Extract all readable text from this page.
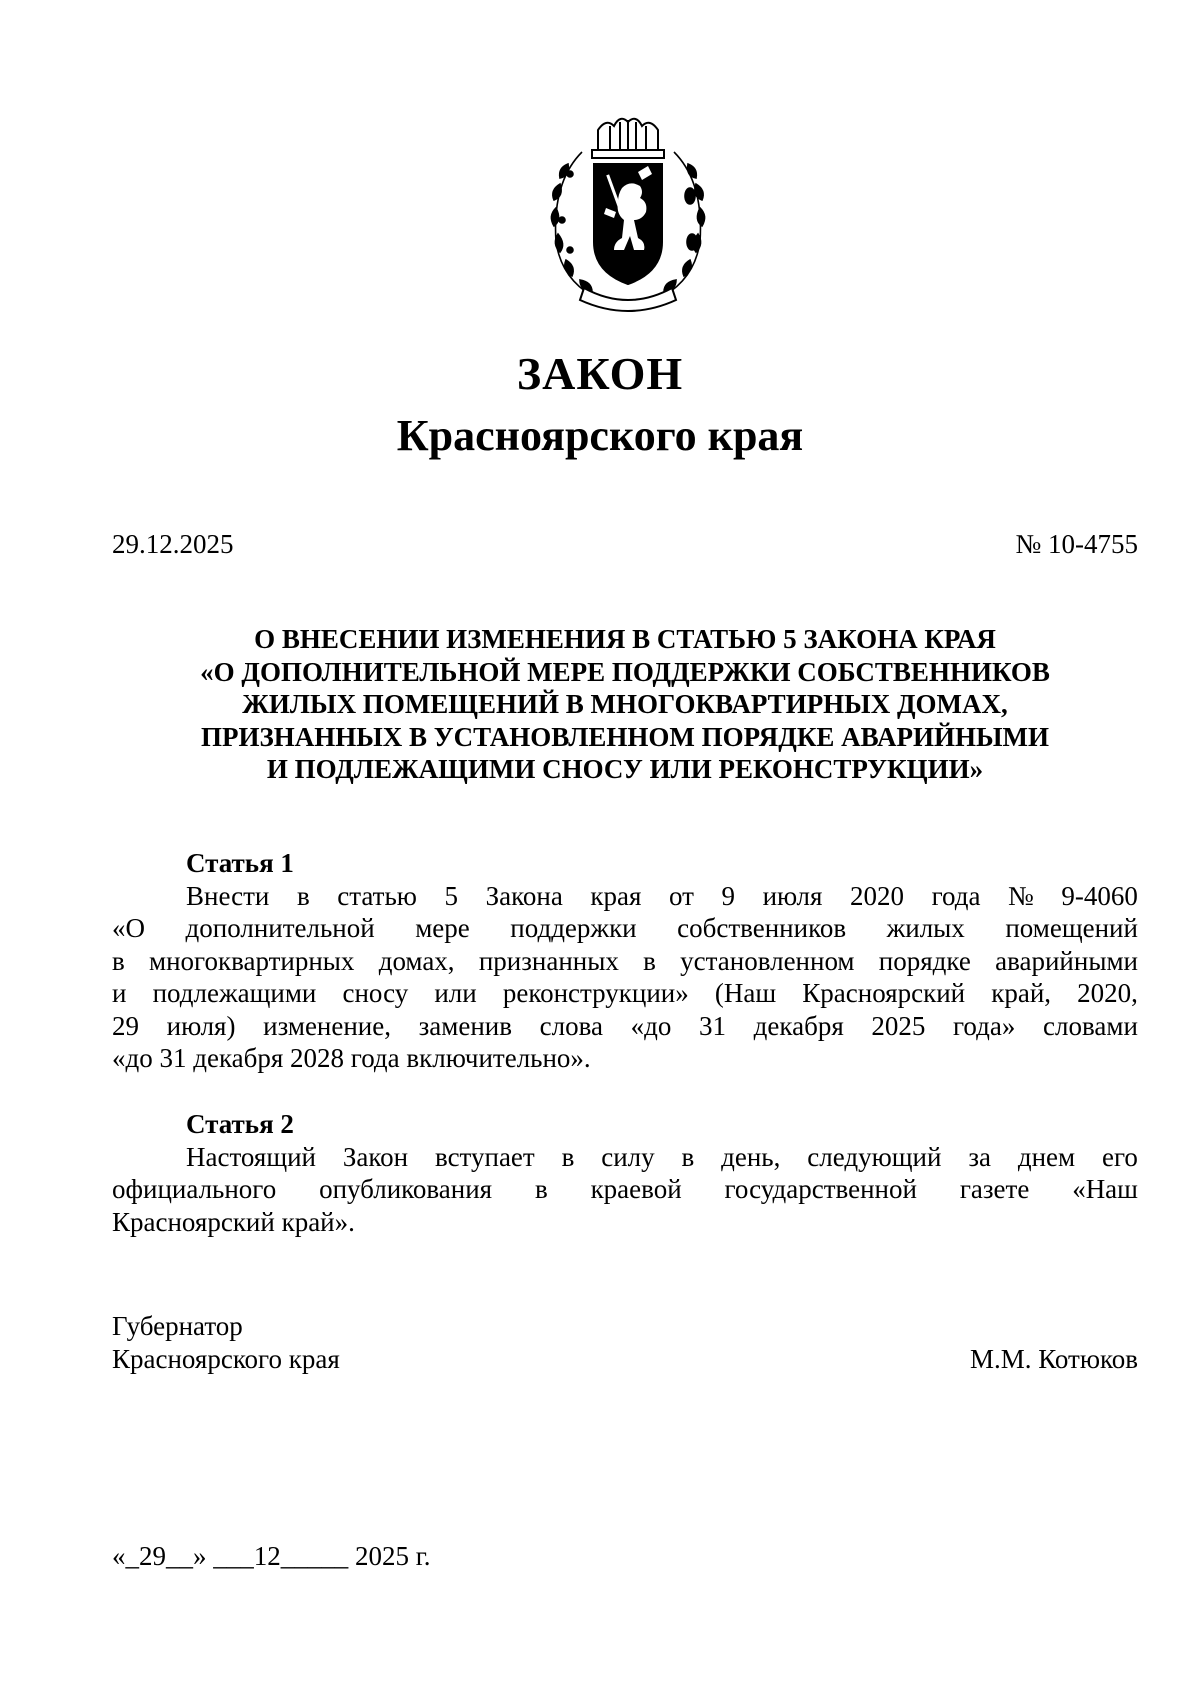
ЗАКОН
Красноярского края
29.12.2025	№ 10-4755
О ВНЕСЕНИИ ИЗМЕНЕНИЯ В СТАТЬЮ 5 ЗАКОНА КРАЯ
«О ДОПОЛНИТЕЛЬНОЙ МЕРЕ ПОДДЕРЖКИ СОБСТВЕННИКОВ
ЖИЛЫХ ПОМЕЩЕНИЙ В МНОГОКВАРТИРНЫХ ДОМАХ,
ПРИЗНАННЫХ В УСТАНОВЛЕННОМ ПОРЯДКЕ АВАРИЙНЫМИ
И ПОДЛЕЖАЩИМИ СНОСУ ИЛИ РЕКОНСТРУКЦИИ»
Статья 1
Внести в статью 5 Закона края от 9 июля 2020 года № 9-4060
«О дополнительной мере поддержки собственников жилых помещений
в многоквартирных домах, признанных в установленном порядке аварийными
и подлежащими сносу или реконструкции» (Наш Красноярский край, 2020,
29 июля) изменение, заменив слова «до 31 декабря 2025 года» словами
«до 31 декабря 2028 года включительно».
Статья 2
Настоящий Закон вступает в силу в день, следующий за днем его
официального опубликования в краевой государственной газете «Наш
Красноярский край».
Губернатор
Красноярского края	М.М. Котюков
«_29__» ___12_____ 2025 г.
